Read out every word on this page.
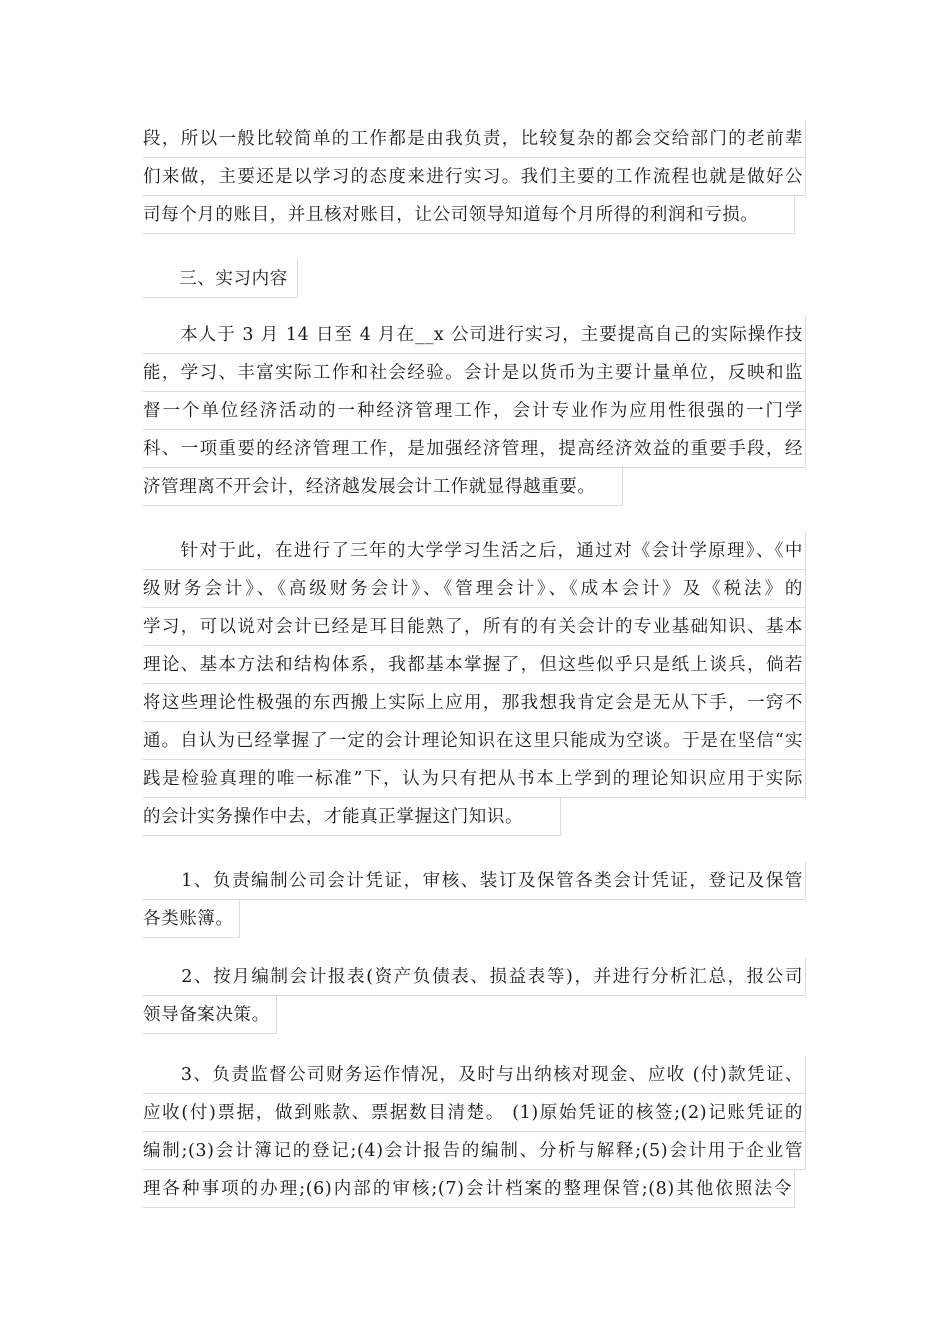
段，所以一般比较简单的工作都是由我负责，比较复杂的都会交给部门的老前辈
们来做，主要还是以学习的态度来进行实习。我们主要的工作流程也就是做好公
司每个月的账目，并且核对账目，让公司领导知道每个月所得的利润和亏损。
　　三、实习内容
　　本人于 3 月 14 日至 4 月在__x 公司进行实习，主要提高自己的实际操作技
能，学习、丰富实际工作和社会经验。会计是以货币为主要计量单位，反映和监
督一个单位经济活动的一种经济管理工作，会计专业作为应用性很强的一门学
科、一项重要的经济管理工作，是加强经济管理，提高经济效益的重要手段，经
济管理离不开会计，经济越发展会计工作就显得越重要。
　　针对于此，在进行了三年的大学学习生活之后，通过对《会计学原理》、《中
级财务会计》、《高级财务会计》、《管理会计》、《成本会计》及《税法》的
学习，可以说对会计已经是耳目能熟了，所有的有关会计的专业基础知识、基本
理论、基本方法和结构体系，我都基本掌握了，但这些似乎只是纸上谈兵，倘若
将这些理论性极强的东西搬上实际上应用，那我想我肯定会是无从下手，一窍不
通。自认为已经掌握了一定的会计理论知识在这里只能成为空谈。于是在坚信“实
践是检验真理的唯一标准”下，认为只有把从书本上学到的理论知识应用于实际
的会计实务操作中去，才能真正掌握这门知识。
　　1、负责编制公司会计凭证，审核、装订及保管各类会计凭证，登记及保管
各类账簿。
　　2、按月编制会计报表(资产负债表、损益表等)，并进行分析汇总，报公司
领导备案决策。
　　3、负责监督公司财务运作情况，及时与出纳核对现金、应收 (付)款凭证、
应收(付)票据，做到账款、票据数目清楚。 (1)原始凭证的核签;(2)记账凭证的
编制;(3)会计簿记的登记;(4)会计报告的编制、分析与解释;(5)会计用于企业管
理各种事项的办理;(6)内部的审核;(7)会计档案的整理保管;(8)其他依照法令
